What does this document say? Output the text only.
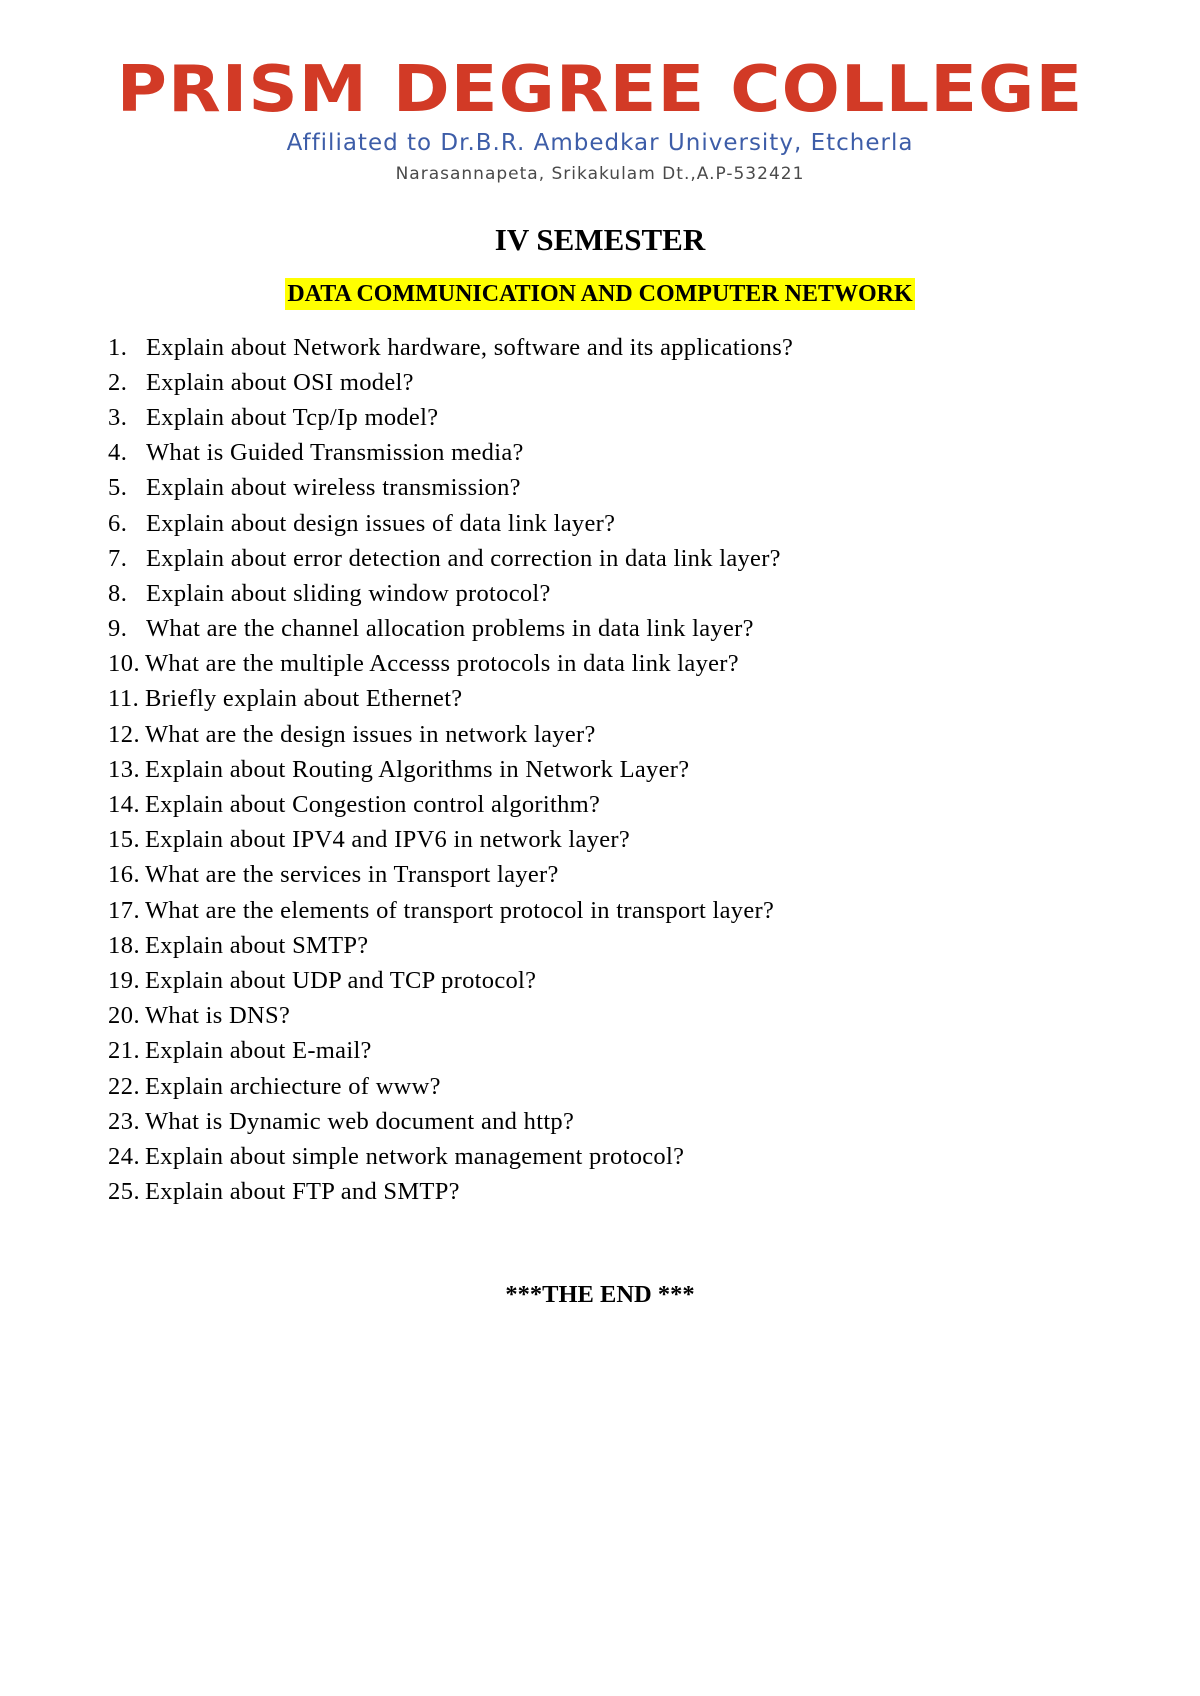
PRISM DEGREE COLLEGE
Affiliated to Dr.B.R. Ambedkar University, Etcherla
Narasannapeta, Srikakulam Dt.,A.P-532421
IV SEMESTER
DATA COMMUNICATION AND COMPUTER NETWORK
1. Explain about Network hardware, software and its applications?
2. Explain about OSI model?
3. Explain about Tcp/Ip model?
4. What is Guided Transmission media?
5. Explain about wireless transmission?
6. Explain about design issues of data link layer?
7. Explain about error detection and correction in data link layer?
8. Explain about sliding window protocol?
9. What are the channel allocation problems in data link layer?
10. What are the multiple Accesss protocols in data link layer?
11. Briefly explain about Ethernet?
12. What are the design issues in network layer?
13. Explain about Routing Algorithms in Network Layer?
14. Explain about Congestion control algorithm?
15. Explain about IPV4 and IPV6 in network layer?
16. What are the services in Transport layer?
17. What are the elements of transport protocol in transport layer?
18. Explain about SMTP?
19. Explain about UDP and TCP protocol?
20. What is DNS?
21. Explain about E-mail?
22. Explain archiecture of www?
23. What is Dynamic web document and http?
24. Explain about simple network management protocol?
25. Explain about FTP and SMTP?
***THE END ***
